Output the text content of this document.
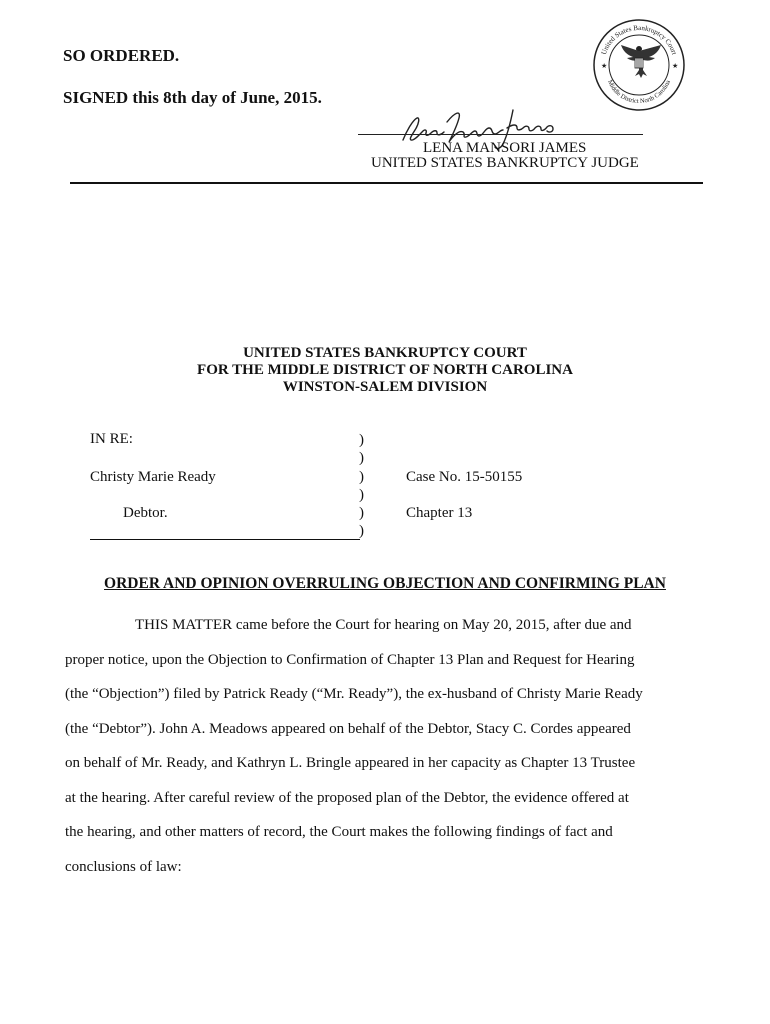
SO ORDERED.
SIGNED this 8th day of June, 2015.
United States Bankruptcy Court
Middle District North Carolina
★	★
LENA MANSORI JAMES
UNITED STATES BANKRUPTCY JUDGE
UNITED STATES BANKRUPTCY COURT
FOR THE MIDDLE DISTRICT OF NORTH CAROLINA
WINSTON-SALEM DIVISION
IN RE:
Christy Marie Ready
Debtor.
Case No. 15-50155
Chapter 13
)
)
)
)
)
)
ORDER AND OPINION OVERRULING OBJECTION AND CONFIRMING PLAN
THIS MATTER came before the Court for hearing on May 20, 2015, after due and
proper notice, upon the Objection to Confirmation of Chapter 13 Plan and Request for Hearing
(the “Objection”) filed by Patrick Ready (“Mr. Ready”), the ex-husband of Christy Marie Ready
(the “Debtor”). John A. Meadows appeared on behalf of the Debtor, Stacy C. Cordes appeared
on behalf of Mr. Ready, and Kathryn L. Bringle appeared in her capacity as Chapter 13 Trustee
at the hearing. After careful review of the proposed plan of the Debtor, the evidence offered at
the hearing, and other matters of record, the Court makes the following findings of fact and
conclusions of law:
